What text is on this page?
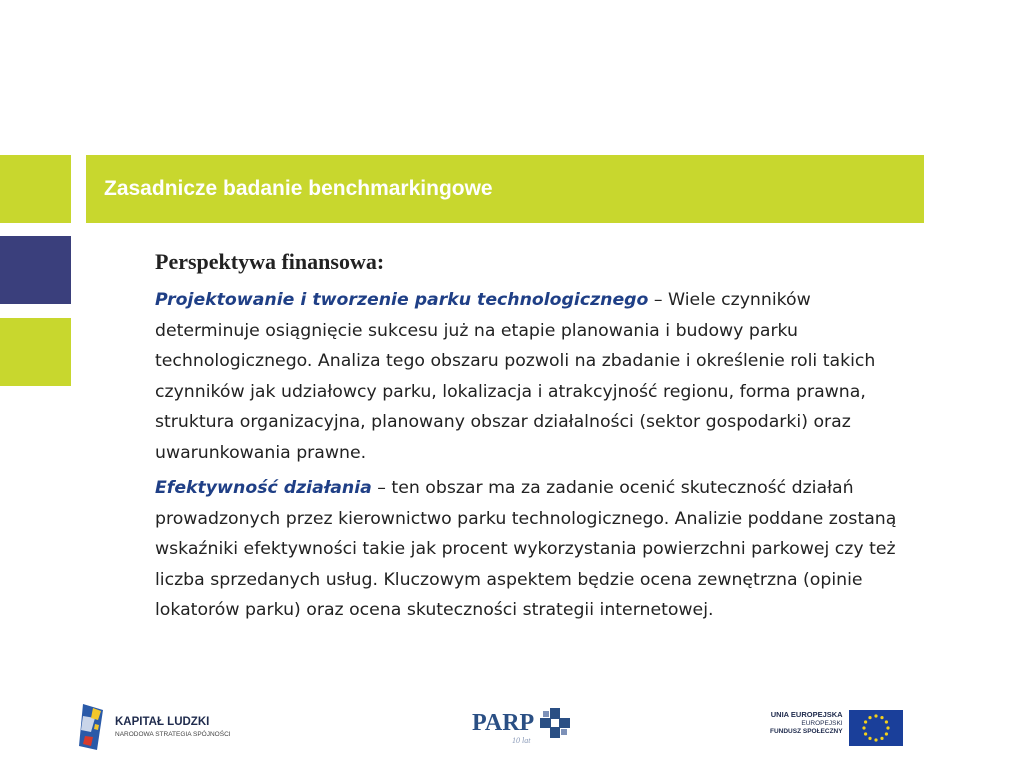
Zasadnicze badanie benchmarkingowe
Perspektywa finansowa:

Projektowanie i tworzenie parku technologicznego – Wiele czynników determinuje osiągnięcie sukcesu już na etapie planowania i budowy parku technologicznego. Analiza tego obszaru pozwoli na zbadanie i określenie roli takich czynników jak udziałowcy parku, lokalizacja i atrakcyjność regionu, forma prawna, struktura organizacyjna, planowany obszar działalności (sektor gospodarki) oraz uwarunkowania prawne.

Efektywność działania – ten obszar ma za zadanie ocenić skuteczność działań prowadzonych przez kierownictwo parku technologicznego. Analizie poddane zostaną wskaźniki efektywności takie jak procent wykorzystania powierzchni parkowej czy też liczba sprzedanych usług. Kluczowym aspektem będzie ocena zewnętrzna (opinie lokatorów parku) oraz ocena skuteczności strategii internetowej.

KAPITAŁ LUDZKI
NARODOWA STRATEGIA SPÓJNOŚCI	PARP
10 lat
UNIA EUROPEJSKA
EUROPEJSKI
FUNDUSZ SPOŁECZNY
